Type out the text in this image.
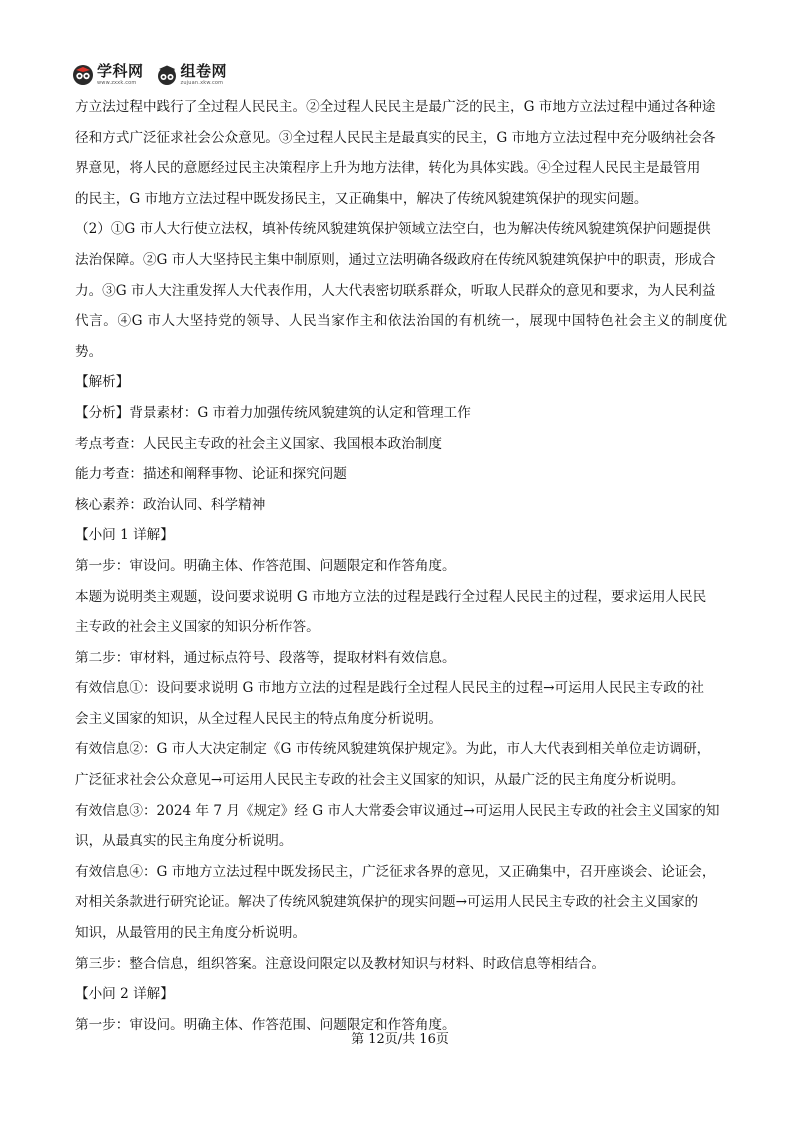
学科网
www.zxxk.com
组卷网
zujuan.xkw.com

方立法过程中践行了全过程人民民主。②全过程人民民主是最广泛的民主，G 市地方立法过程中通过各种途

径和方式广泛征求社会公众意见。③全过程人民民主是最真实的民主，G 市地方立法过程中充分吸纳社会各

界意见，将人民的意愿经过民主决策程序上升为地方法律，转化为具体实践。④全过程人民民主是最管用

的民主，G 市地方立法过程中既发扬民主，又正确集中，解决了传统风貌建筑保护的现实问题。

（2）①G 市人大行使立法权，填补传统风貌建筑保护领域立法空白，也为解决传统风貌建筑保护问题提供

法治保障。②G 市人大坚持民主集中制原则，通过立法明确各级政府在传统风貌建筑保护中的职责，形成合

力。③G 市人大注重发挥人大代表作用，人大代表密切联系群众，听取人民群众的意见和要求，为人民利益

代言。④G 市人大坚持党的领导、人民当家作主和依法治国的有机统一，展现中国特色社会主义的制度优势。

【解析】

【分析】背景素材：G 市着力加强传统风貌建筑的认定和管理工作

考点考查：人民民主专政的社会主义国家、我国根本政治制度

能力考查：描述和阐释事物、论证和探究问题

核心素养：政治认同、科学精神

【小问 1 详解】

第一步：审设问。明确主体、作答范围、问题限定和作答角度。

本题为说明类主观题，设问要求说明 G 市地方立法的过程是践行全过程人民民主的过程，要求运用人民民

主专政的社会主义国家的知识分析作答。

第二步：审材料，通过标点符号、段落等，提取材料有效信息。

有效信息①：设问要求说明 G 市地方立法的过程是践行全过程人民民主的过程→可运用人民民主专政的社

会主义国家的知识，从全过程人民民主的特点角度分析说明。

有效信息②：G 市人大决定制定《G 市传统风貌建筑保护规定》。为此，市人大代表到相关单位走访调研，

广泛征求社会公众意见→可运用人民民主专政的社会主义国家的知识，从最广泛的民主角度分析说明。

有效信息③：2024 年 7 月《规定》经 G 市人大常委会审议通过→可运用人民民主专政的社会主义国家的知

识，从最真实的民主角度分析说明。

有效信息④：G 市地方立法过程中既发扬民主，广泛征求各界的意见，又正确集中，召开座谈会、论证会，

对相关条款进行研究论证。解决了传统风貌建筑保护的现实问题→可运用人民民主专政的社会主义国家的

知识，从最管用的民主角度分析说明。

第三步：整合信息，组织答案。注意设问限定以及教材知识与材料、时政信息等相结合。

【小问 2 详解】

第一步：审设问。明确主体、作答范围、问题限定和作答角度。

第 12页/共 16页
